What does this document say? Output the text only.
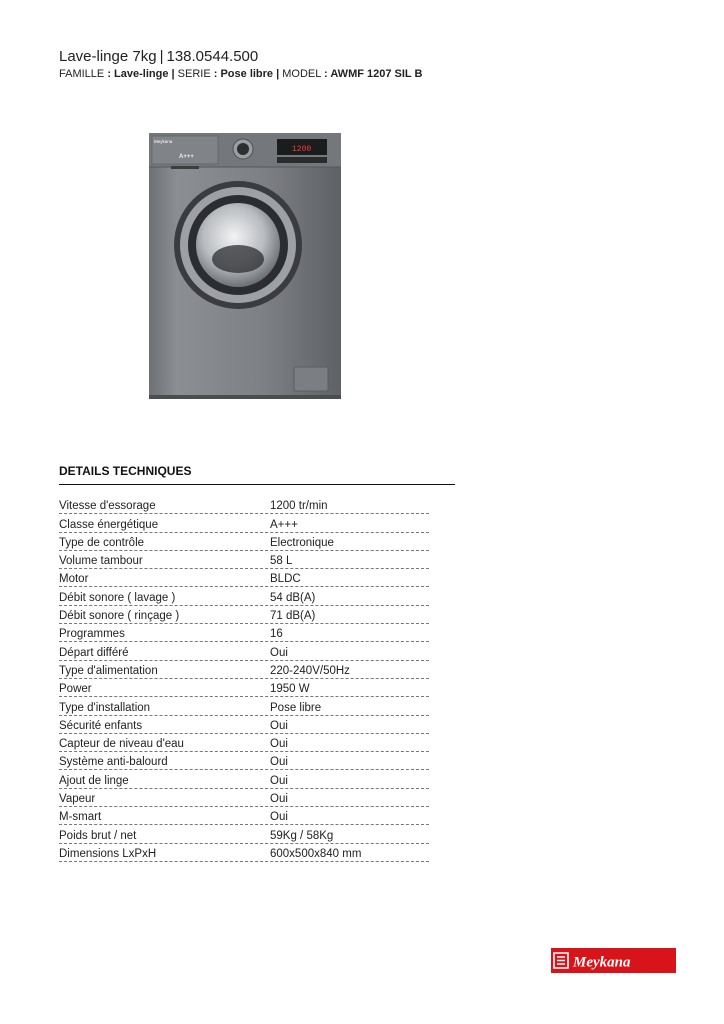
Lave-linge 7kg | 138.0544.500
FAMILLE : Lave-linge | SERIE : Pose libre | MODEL : AWMF 1207 SIL B
Meykana
A+++
1200
DETAILS TECHNIQUES
Vitesse d'essorage	1200 tr/min
Classe énergétique	A+++
Type de contrôle	Electronique
Volume tambour	58 L
Motor	BLDC
Débit sonore ( lavage )	54 dB(A)
Débit sonore ( rinçage )	71 dB(A)
Programmes	16
Départ différé	Oui
Type d'alimentation	220-240V/50Hz
Power	1950 W
Type d'installation	Pose libre
Sécurité enfants	Oui
Capteur de niveau d'eau	Oui
Système anti-balourd	Oui
Ajout de linge	Oui
Vapeur	Oui
M-smart	Oui
Poids brut / net	59Kg / 58Kg
Dimensions LxPxH	600x500x840 mm
Meykana
